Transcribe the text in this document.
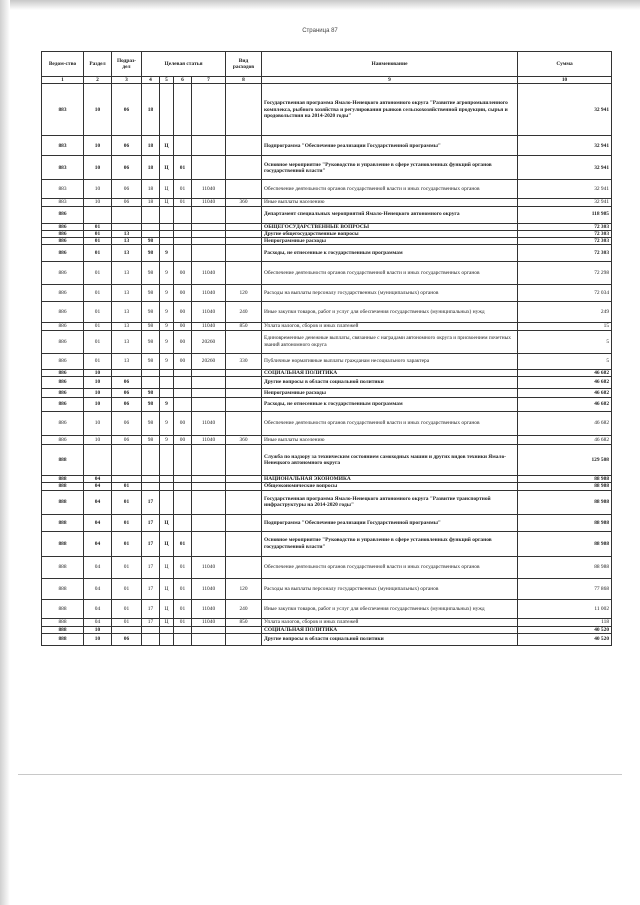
Страница 87
Ведом-ство	Раздел	Подраз-дел	Целевая статья				Вид расходов	Наименование	Сумма
1	2	3	4	5	6	7	8	9	10
883	10	06	18					Государственная программа Ямало-Ненецкого автономного округа "Развитие агропромышленного комплекса, рыбного хозяйства и регулирования рынков сельскохозяйственной продукции, сырья и продовольствия на 2014-2020 годы"	32 941
883	10	06	18	Ц				Подпрограмма "Обеспечение реализации Государственной программы"	32 941
883	10	06	18	Ц	01			Основное мероприятие "Руководство и управление в сфере установленных функций органов государственной власти"	32 941
883	10	06	18	Ц	01	11040		Обеспечение деятельности органов государственной власти и иных государственных органов	32 941
883	10	06	18	Ц	01	11040	360	Иные выплаты населению	32 941
886								Департамент специальных мероприятий Ямало-Ненецкого автономного округа	118 985
886	01							ОБЩЕГОСУДАРСТВЕННЫЕ ВОПРОСЫ	72 303
886	01	13						Другие общегосударственные вопросы	72 303
886	01	13	98					Непрограммные расходы	72 303
886	01	13	98	9				Расходы, не отнесенные к государственным программам	72 303
886	01	13	98	9	00	11040		Обеспечение деятельности органов государственной власти и иных государственных органов	72 298
886	01	13	98	9	00	11040	120	Расходы на выплаты персоналу государственных (муниципальных) органов	72 034
886	01	13	98	9	00	11040	240	Иные закупки товаров, работ и услуг для обеспечения государственных (муниципальных) нужд	249
886	01	13	98	9	00	11040	850	Уплата налогов, сборов и иных платежей	15
886	01	13	98	9	00	20260		Единовременные денежные выплаты, связанные с наградами автономного округа и присвоением почетных званий автономного округа	5
886	01	13	98	9	00	20260	330	Публичные нормативные выплаты гражданам несоциального характера	5
886	10							СОЦИАЛЬНАЯ ПОЛИТИКА	46 682
886	10	06						Другие вопросы в области социальной политики	46 682
886	10	06	98					Непрограммные расходы	46 682
886	10	06	98	9				Расходы, не отнесенные к государственным программам	46 682
886	10	06	98	9	00	11040		Обеспечение деятельности органов государственной власти и иных государственных органов	46 682
886	10	06	98	9	00	11040	360	Иные выплаты населению	46 682
888								Служба по надзору за техническим состоянием самоходных машин и других видов техники Ямало-Ненецкого автономного округа	129 508
888	04							НАЦИОНАЛЬНАЯ ЭКОНОМИКА	88 988
888	04	01						Общеэкономические вопросы	88 988
888	04	01	17					Государственная программа Ямало-Ненецкого автономного округа "Развитие транспортной инфраструктуры на 2014-2020 годы"	88 988
888	04	01	17	Ц				Подпрограмма "Обеспечение реализации Государственной программы"	88 988
888	04	01	17	Ц	01			Основное мероприятие "Руководство и управление в сфере установленных функций органов государственной власти"	88 988
888	04	01	17	Ц	01	11040		Обеспечение деятельности органов государственной власти и иных государственных органов	88 988
888	04	01	17	Ц	01	11040	120	Расходы на выплаты персоналу государственных (муниципальных) органов	77 868
888	04	01	17	Ц	01	11040	240	Иные закупки товаров, работ и услуг для обеспечения государственных (муниципальных) нужд	11 002
888	04	01	17	Ц	01	11040	850	Уплата налогов, сборов и иных платежей	118
888	10							СОЦИАЛЬНАЯ ПОЛИТИКА	40 520
888	10	06						Другие вопросы в области социальной политики	40 520
